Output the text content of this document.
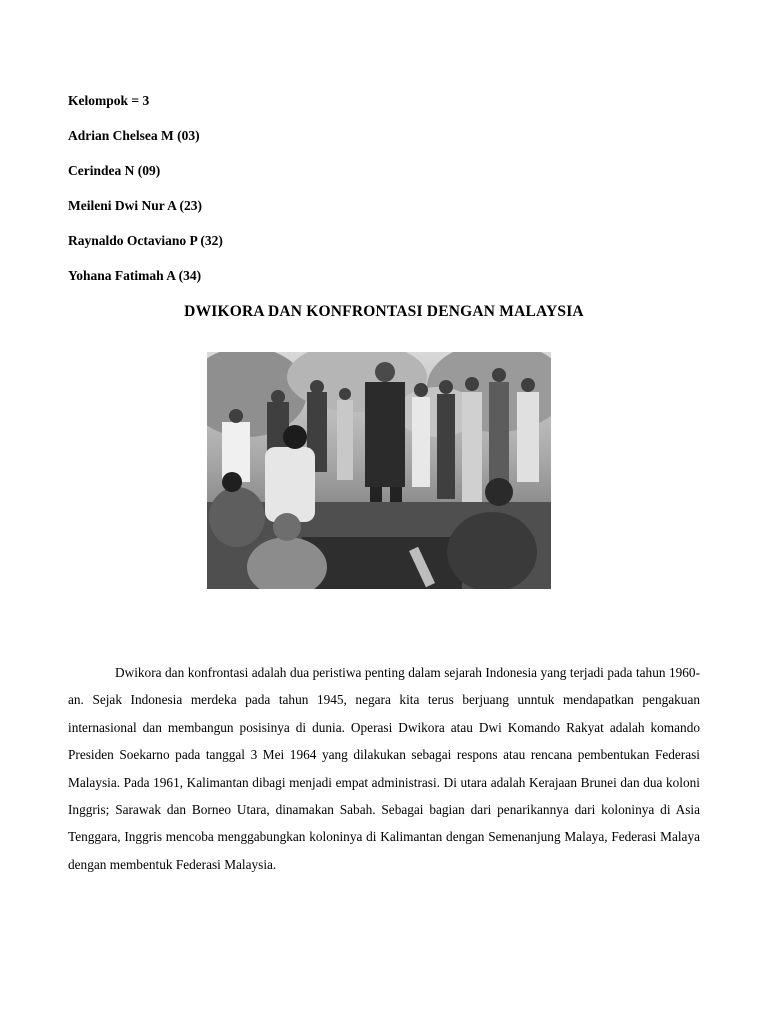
Kelompok = 3
Adrian Chelsea M (03)
Cerindea N (09)
Meileni Dwi Nur A (23)
Raynaldo Octaviano P (32)
Yohana Fatimah A (34)
DWIKORA DAN KONFRONTASI DENGAN MALAYSIA

Dwikora dan konfrontasi adalah dua peristiwa penting dalam sejarah Indonesia yang terjadi pada tahun 1960-an. Sejak Indonesia merdeka pada tahun 1945, negara kita terus berjuang unntuk mendapatkan pengakuan internasional dan membangun posisinya di dunia. Operasi Dwikora atau Dwi Komando Rakyat adalah komando Presiden Soekarno pada tanggal 3 Mei 1964 yang dilakukan sebagai respons atau rencana pembentukan Federasi Malaysia. Pada 1961, Kalimantan dibagi menjadi empat administrasi. Di utara adalah Kerajaan Brunei dan dua koloni Inggris; Sarawak dan Borneo Utara, dinamakan Sabah. Sebagai bagian dari penarikannya dari koloninya di Asia Tenggara, Inggris mencoba menggabungkan koloninya di Kalimantan dengan Semenanjung Malaya, Federasi Malaya dengan membentuk Federasi Malaysia.
